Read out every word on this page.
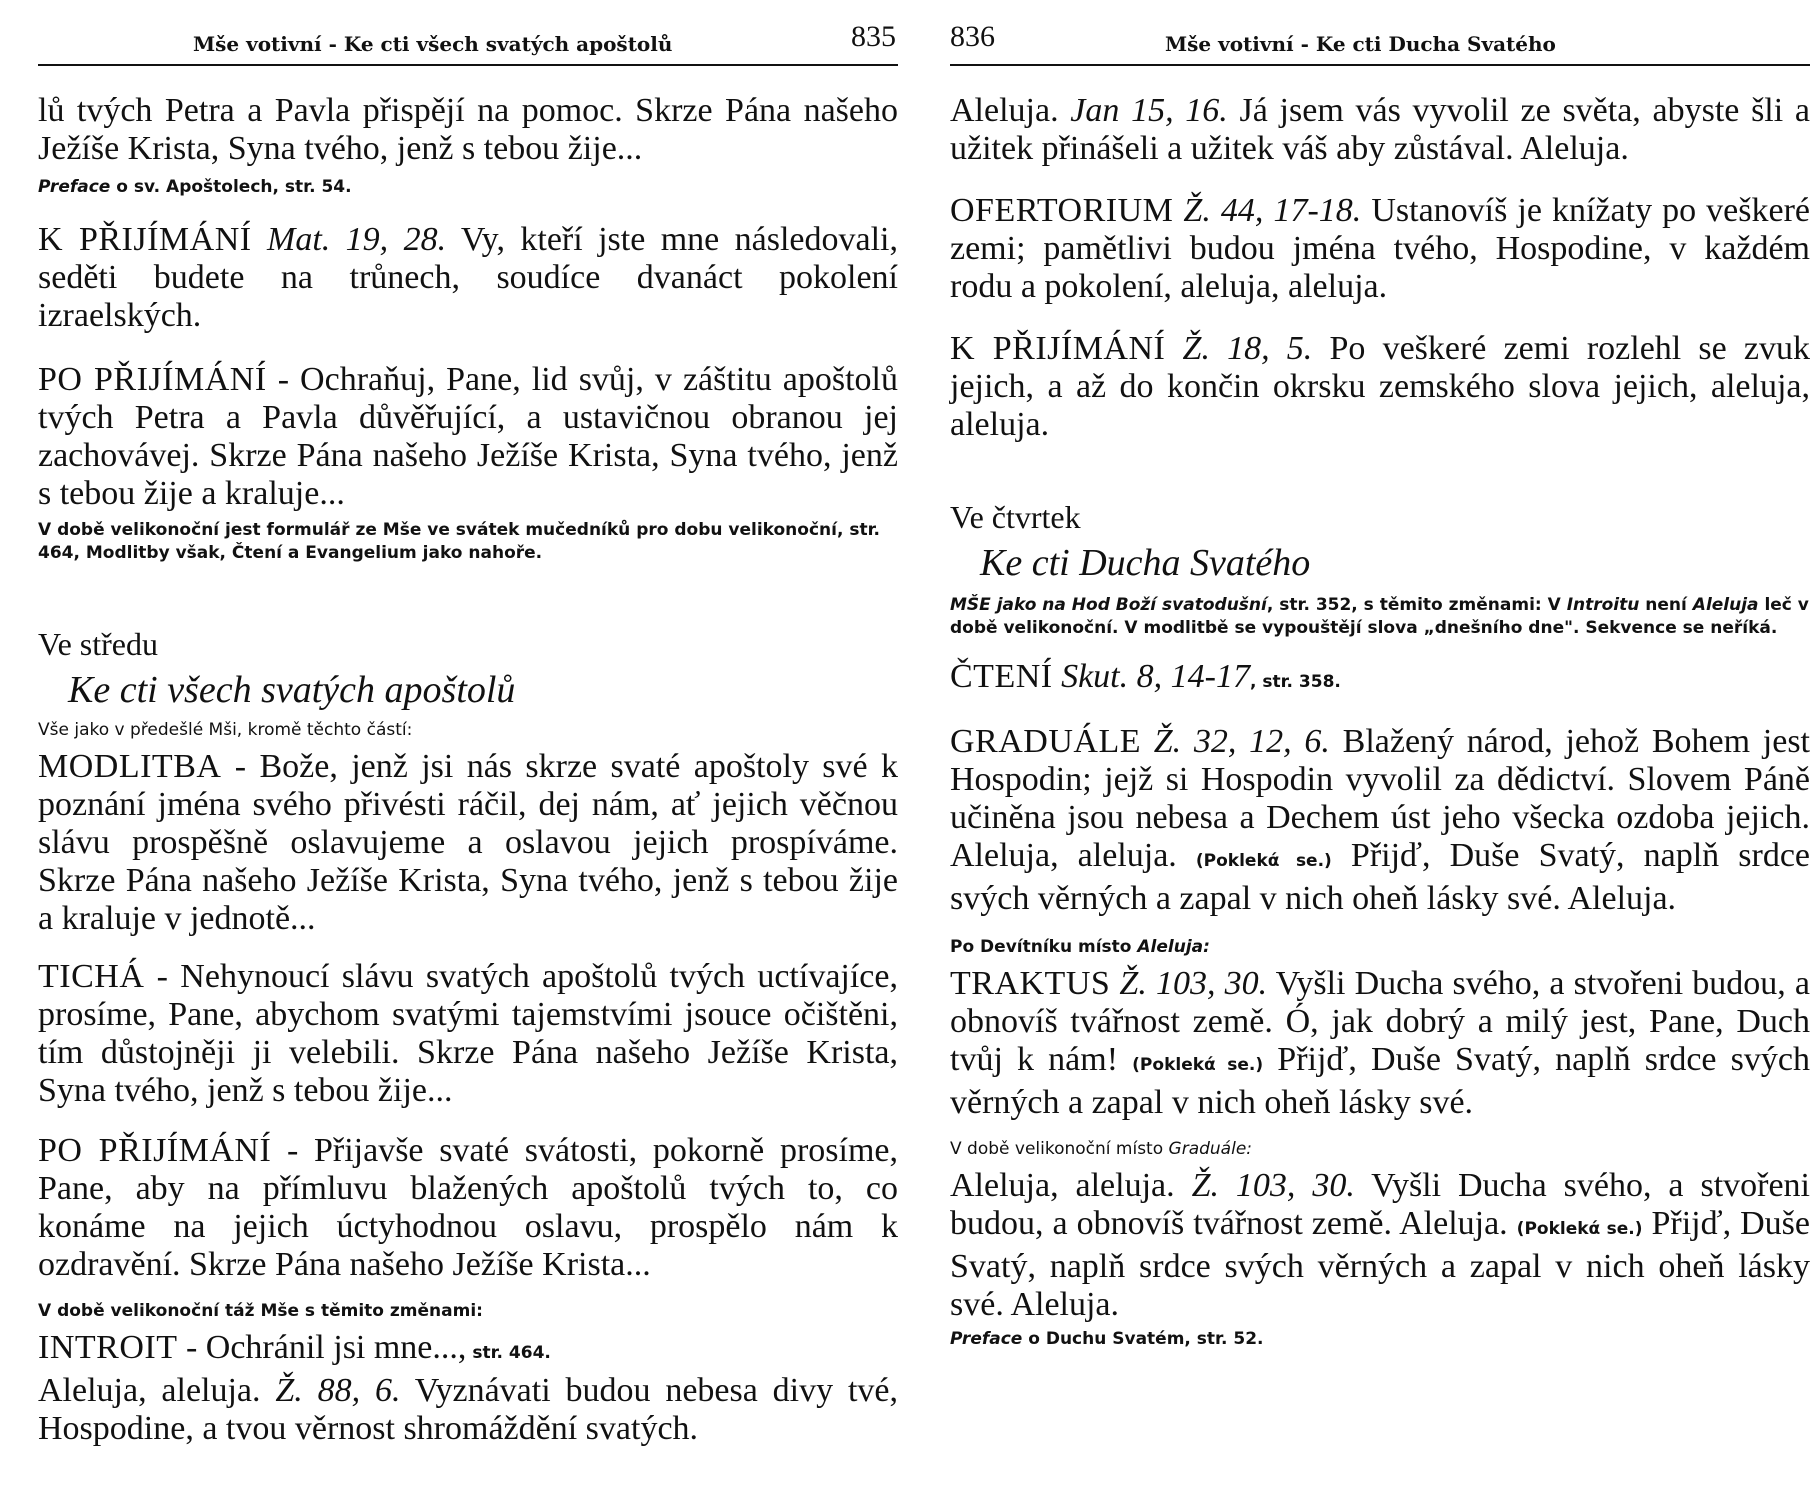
Mše votivní - Ke cti všech svatých apoštolů	835

lů tvých Petra a Pavla přispějí na pomoc. Skrze Pána našeho Ježíše Krista, Syna tvého, jenž s tebou žije...

Preface o sv. Apoštolech, str. 54.

K PŘIJÍMÁNÍ Mat. 19, 28. Vy, kteří jste mne následovali, seděti budete na trůnech, soudíce dvanáct pokolení izraelských.

PO PŘIJÍMÁNÍ - Ochraňuj, Pane, lid svůj, v záštitu apoštolů tvých Petra a Pavla důvěřující, a ustavičnou obranou jej zachovávej. Skrze Pána našeho Ježíše Krista, Syna tvého, jenž s tebou žije a kraluje...

V době velikonoční jest formulář ze Mše ve svátek mučedníků pro dobu velikonoční, str. 464, Modlitby však, Čtení a Evangelium jako nahoře.

Ve středu

Ke cti všech svatých apoštolů

Vše jako v předešlé Mši, kromě těchto částí:

MODLITBA - Bože, jenž jsi nás skrze svaté apoštoly své k poznání jména svého přivésti ráčil, dej nám, ať jejich věčnou slávu prospěšně oslavujeme a oslavou jejich prospíváme. Skrze Pána našeho Ježíše Krista, Syna tvého, jenž s tebou žije a kraluje v jednotě...

TICHÁ - Nehynoucí slávu svatých apoštolů tvých uctívajíce, prosíme, Pane, abychom svatými tajemstvími jsouce očištěni, tím důstojněji ji velebili. Skrze Pána našeho Ježíše Krista, Syna tvého, jenž s tebou žije...

PO PŘIJÍMÁNÍ - Přijavše svaté svátosti, pokorně prosíme, Pane, aby na přímluvu blažených apoštolů tvých to, co konáme na jejich úctyhodnou oslavu, prospělo nám k ozdravění. Skrze Pána našeho Ježíše Krista...

V době velikonoční táž Mše s těmito změnami:

INTROIT - Ochránil jsi mne..., str. 464.
Aleluja, aleluja. Ž. 88, 6. Vyznávati budou nebesa divy tvé, Hospodine, a tvou věrnost shromáždění svatých.

836	Mše votivní - Ke cti Ducha Svatého

Aleluja. Jan 15, 16. Já jsem vás vyvolil ze světa, abyste šli a užitek přinášeli a užitek váš aby zůstával. Aleluja.

OFERTORIUM Ž. 44, 17-18. Ustanovíš je knížaty po veškeré zemi; pamětlivi budou jména tvého, Hospodine, v každém rodu a pokolení, aleluja, aleluja.

K PŘIJÍMÁNÍ Ž. 18, 5. Po veškeré zemi rozlehl se zvuk jejich, a až do končin okrsku zemského slova jejich, aleluja, aleluja.

Ve čtvrtek

Ke cti Ducha Svatého

MŠE jako na Hod Boží svatodušní, str. 352, s těmito změnami: V Introitu není Aleluja leč v době velikonoční. V modlitbě se vypouštějí slova „dnešního dne". Sekvence se neříká.

ČTENÍ Skut. 8, 14-17, str. 358.

GRADUÁLE Ž. 32, 12, 6. Blažený národ, jehož Bohem jest Hospodin; jejž si Hospodin vyvolil za dědictví. Slovem Páně učiněna jsou nebesa a Dechem úst jeho všecka ozdoba jejich. Aleluja, aleluja. (Poklekά se.) Přijď, Duše Svatý, naplň srdce svých věrných a zapal v nich oheň lásky své. Aleluja.

Po Devítníku místo Aleluja:

TRAKTUS Ž. 103, 30. Vyšli Ducha svého, a stvořeni budou, a obnovíš tvářnost země. Ó, jak dobrý a milý jest, Pane, Duch tvůj k nám! (Poklekά se.) Přijď, Duše Svatý, naplň srdce svých věrných a zapal v nich oheň lásky své.

V době velikonoční místo Graduále:

Aleluja, aleluja. Ž. 103, 30. Vyšli Ducha svého, a stvořeni budou, a obnovíš tvářnost země. Aleluja. (Poklekά se.) Přijď, Duše Svatý, naplň srdce svých věrných a zapal v nich oheň lásky své. Aleluja.

Preface o Duchu Svatém, str. 52.
